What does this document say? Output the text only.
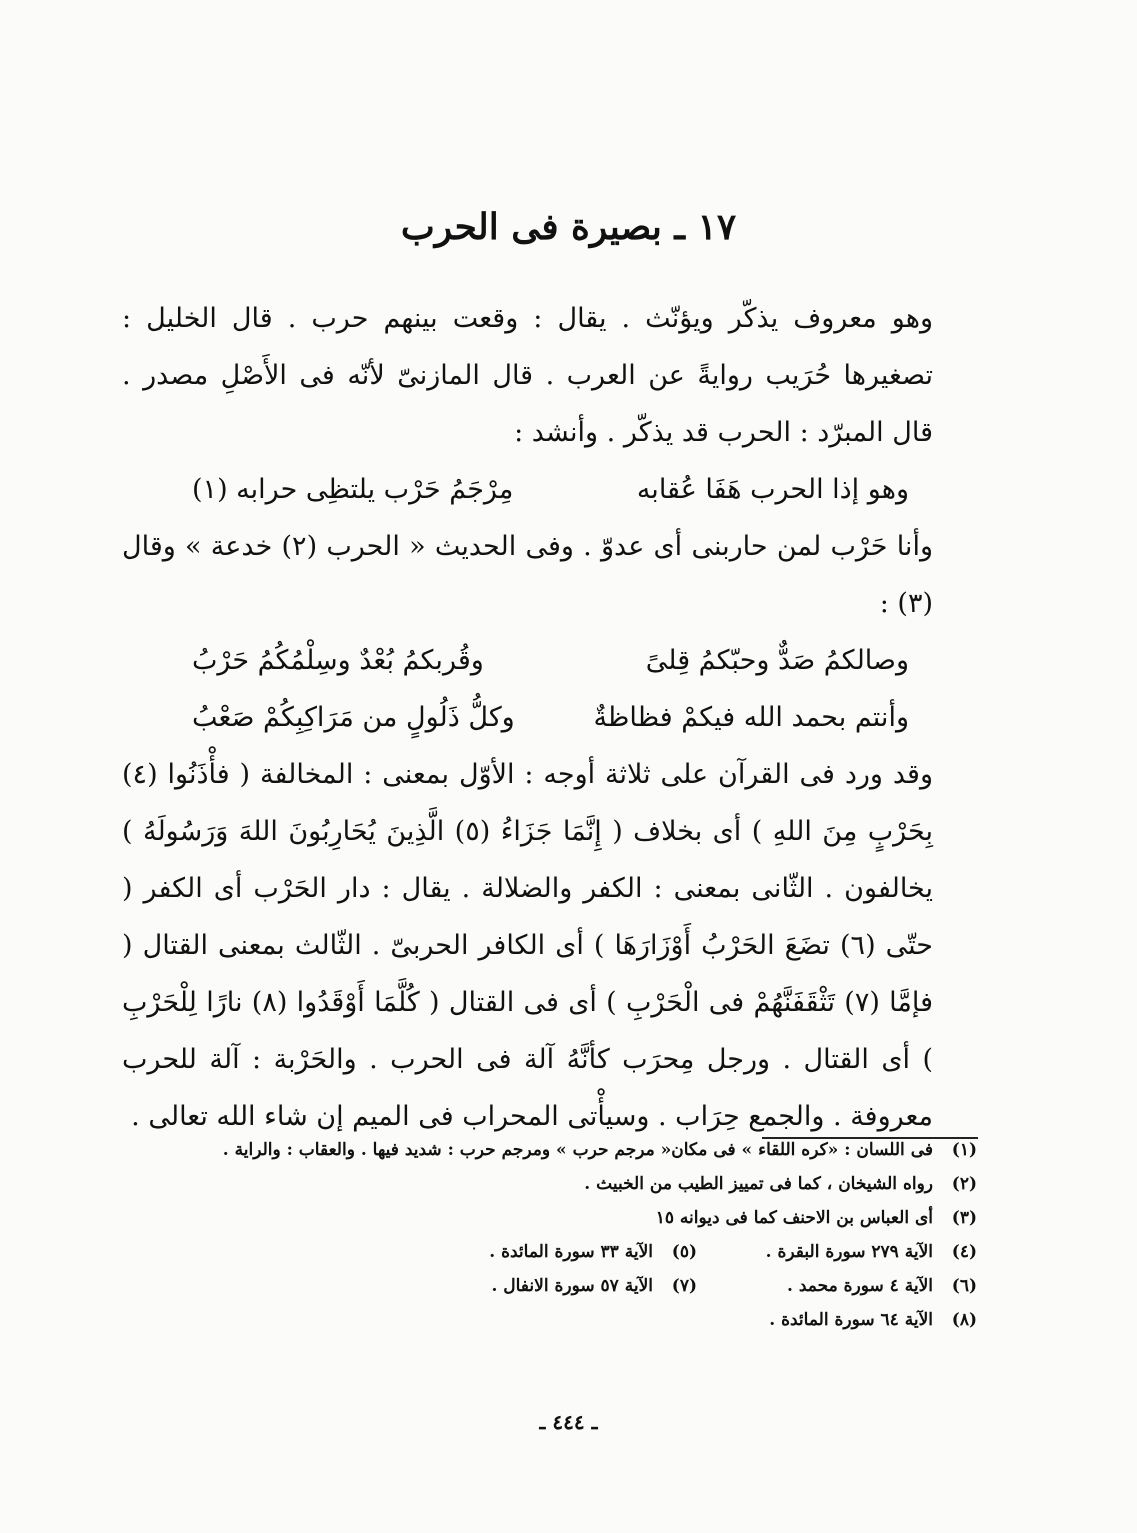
١٧ ـ بصيرة فى الحرب

وهو معروف يذكّر ويؤنّث . يقال : وقعت بينهم حرب . قال الخليل : تصغيرها حُرَيب روايةً عن العرب . قال المازنىّ لأنّه فى الأَصْلِ مصدر . قال المبرّد : الحرب قد يذكّر . وأنشد :

وهو إذا الحرب هَفَا عُقابه
مِرْجَمُ حَرْب يلتظِى حرابه (١)

وأنا حَرْب لمن حاربنى أى عدوّ . وفى الحديث « الحرب (٢) خدعة » وقال (٣) :

وصالكمُ صَدٌّ وحبّكمُ قِلىً
وقُربكمُ بُعْدٌ وسِلْمُكُمُ حَرْبُ
وأنتم بحمد الله فيكمْ فظاظةٌ
وكلُّ ذَلُولٍ من مَرَاكِبِكُمْ صَعْبُ

وقد ورد فى القرآن على ثلاثة أوجه : الأوّل بمعنى : المخالفة ( فأْذَنُوا (٤) بِحَرْبٍ مِنَ اللهِ ) أى بخلاف ( إِنَّمَا جَزَاءُ (٥) الَّذِينَ يُحَارِبُونَ اللهَ وَرَسُولَهُ ) يخالفون . الثّانى بمعنى : الكفر والضلالة . يقال : دار الحَرْب أى الكفر ( حتّى (٦) تضَعَ الحَرْبُ أَوْزَارَهَا ) أى الكافر الحربىّ . الثّالث بمعنى القتال ( فإمَّا (٧) تَثْقَفَنَّهُمْ فى الْحَرْبِ ) أى فى القتال ( كُلَّمَا أَوْقَدُوا (٨) نارًا لِلْحَرْبِ ) أى القتال . ورجل مِحرَب كأنَّهُ آلة فى الحرب . والحَرْبة : آلة للحرب معروفة . والجمع حِرَاب . وسيأْتى المحراب فى الميم إن شاء الله تعالى .

(١)
فى اللسان : «كره اللقاء » فى مكان« مرجم حرب » ومرجم حرب : شديد فيها . والعقاب : والراية .
(٢)
رواه الشيخان ، كما فى تمييز الطيب من الخبيث .
(٣)
أى العباس بن الاحنف كما فى ديوانه ١٥
(٤)
الآية ٢٧٩ سورة البقرة .
(٥)
الآية ٣٣ سورة المائدة .
(٦)
الآية ٤ سورة محمد .
(٧)
الآية ٥٧ سورة الانفال .
(٨)
الآية ٦٤ سورة المائدة .
ـ ٤٤٤ ـ
